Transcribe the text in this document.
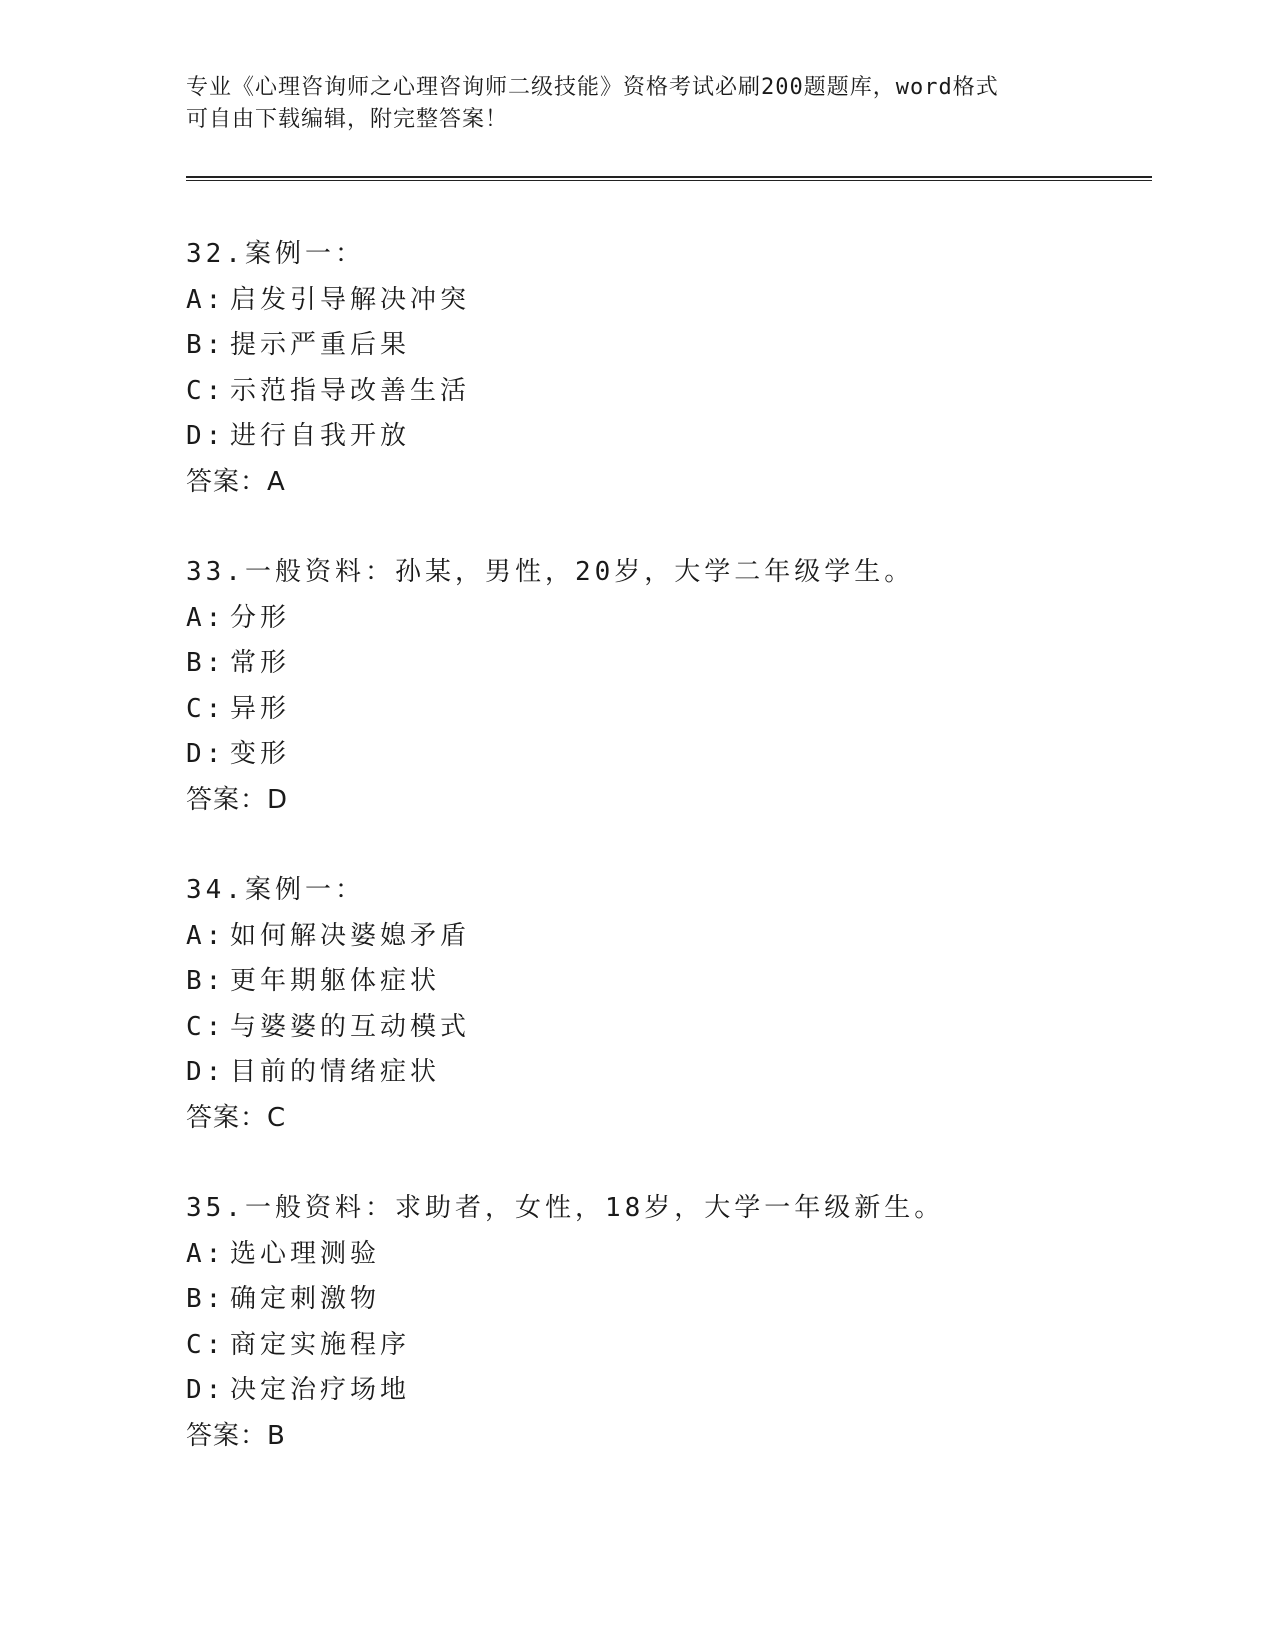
专业《心理咨询师之心理咨询师二级技能》资格考试必刷200题题库，word格式
可自由下载编辑，附完整答案！
32.案例一：
A: 启发引导解决冲突
B: 提示严重后果
C: 示范指导改善生活
D: 进行自我开放
答案：A
33.一般资料：孙某，男性，20岁，大学二年级学生。
A: 分形
B: 常形
C: 异形
D: 变形
答案：D
34.案例一：
A: 如何解决婆媳矛盾
B: 更年期躯体症状
C: 与婆婆的互动模式
D: 目前的情绪症状
答案：C
35.一般资料：求助者，女性，18岁，大学一年级新生。
A: 选心理测验
B: 确定刺激物
C: 商定实施程序
D: 决定治疗场地
答案：B
